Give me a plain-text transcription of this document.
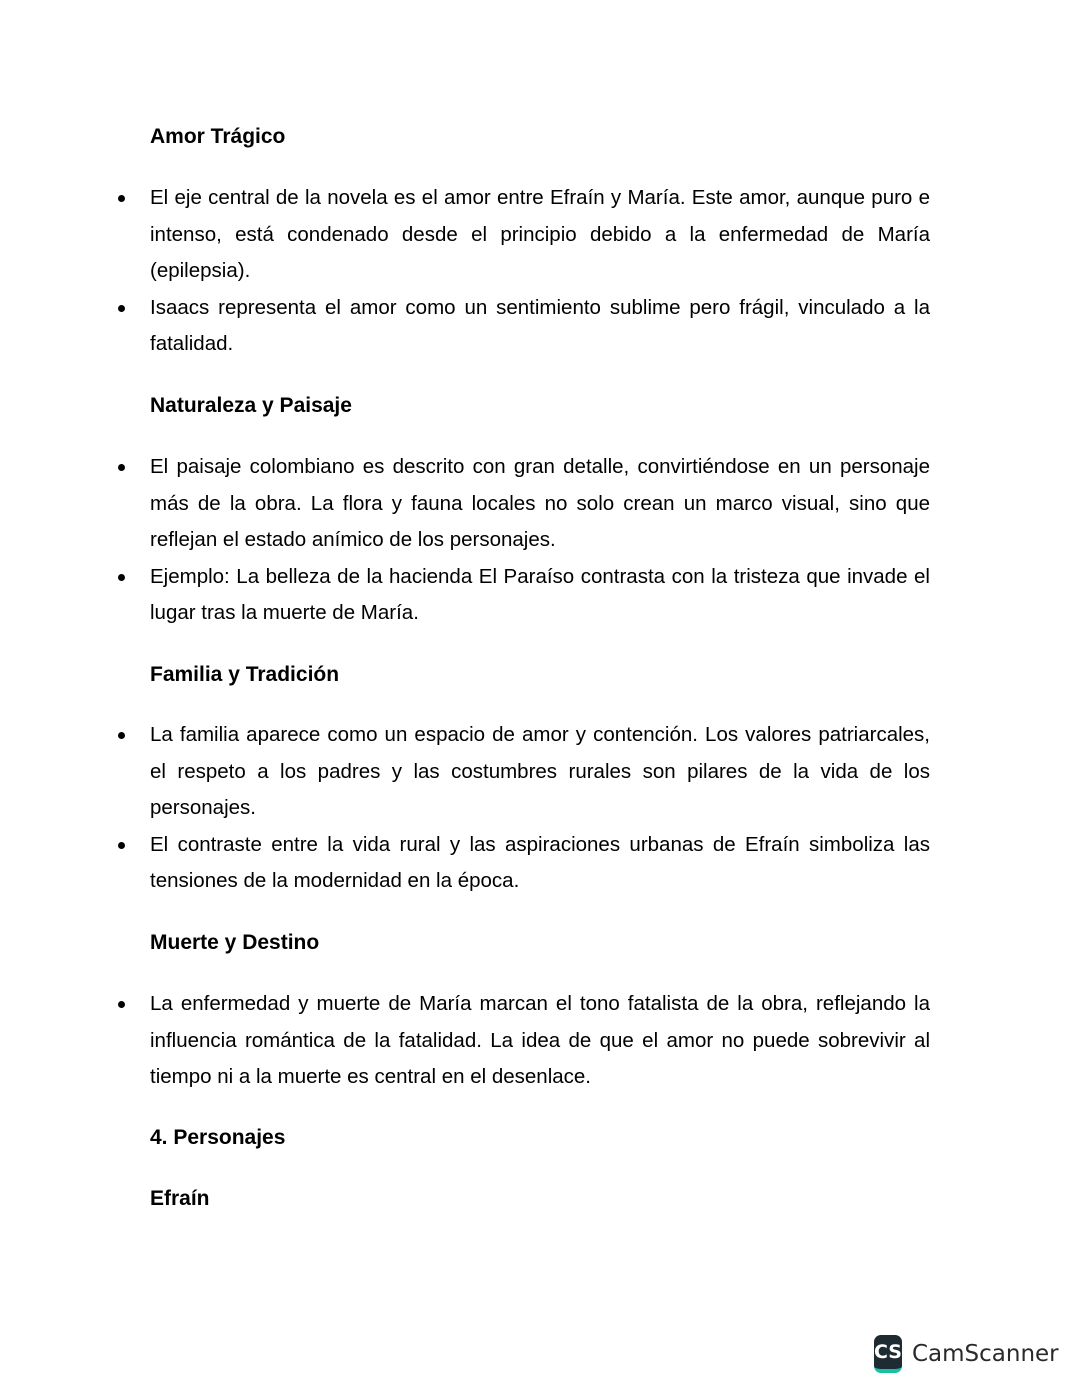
Amor Trágico
El eje central de la novela es el amor entre Efraín y María. Este amor, aunque puro e intenso, está condenado desde el principio debido a la enfermedad de María (epilepsia).
Isaacs representa el amor como un sentimiento sublime pero frágil, vinculado a la fatalidad.
Naturaleza y Paisaje
El paisaje colombiano es descrito con gran detalle, convirtiéndose en un personaje más de la obra. La flora y fauna locales no solo crean un marco visual, sino que reflejan el estado anímico de los personajes.
Ejemplo: La belleza de la hacienda El Paraíso contrasta con la tristeza que invade el lugar tras la muerte de María.
Familia y Tradición
La familia aparece como un espacio de amor y contención. Los valores patriarcales, el respeto a los padres y las costumbres rurales son pilares de la vida de los personajes.
El contraste entre la vida rural y las aspiraciones urbanas de Efraín simboliza las tensiones de la modernidad en la época.
Muerte y Destino
La enfermedad y muerte de María marcan el tono fatalista de la obra, reflejando la influencia romántica de la fatalidad. La idea de que el amor no puede sobrevivir al tiempo ni a la muerte es central en el desenlace.
4. Personajes
Efraín
CS CamScanner
